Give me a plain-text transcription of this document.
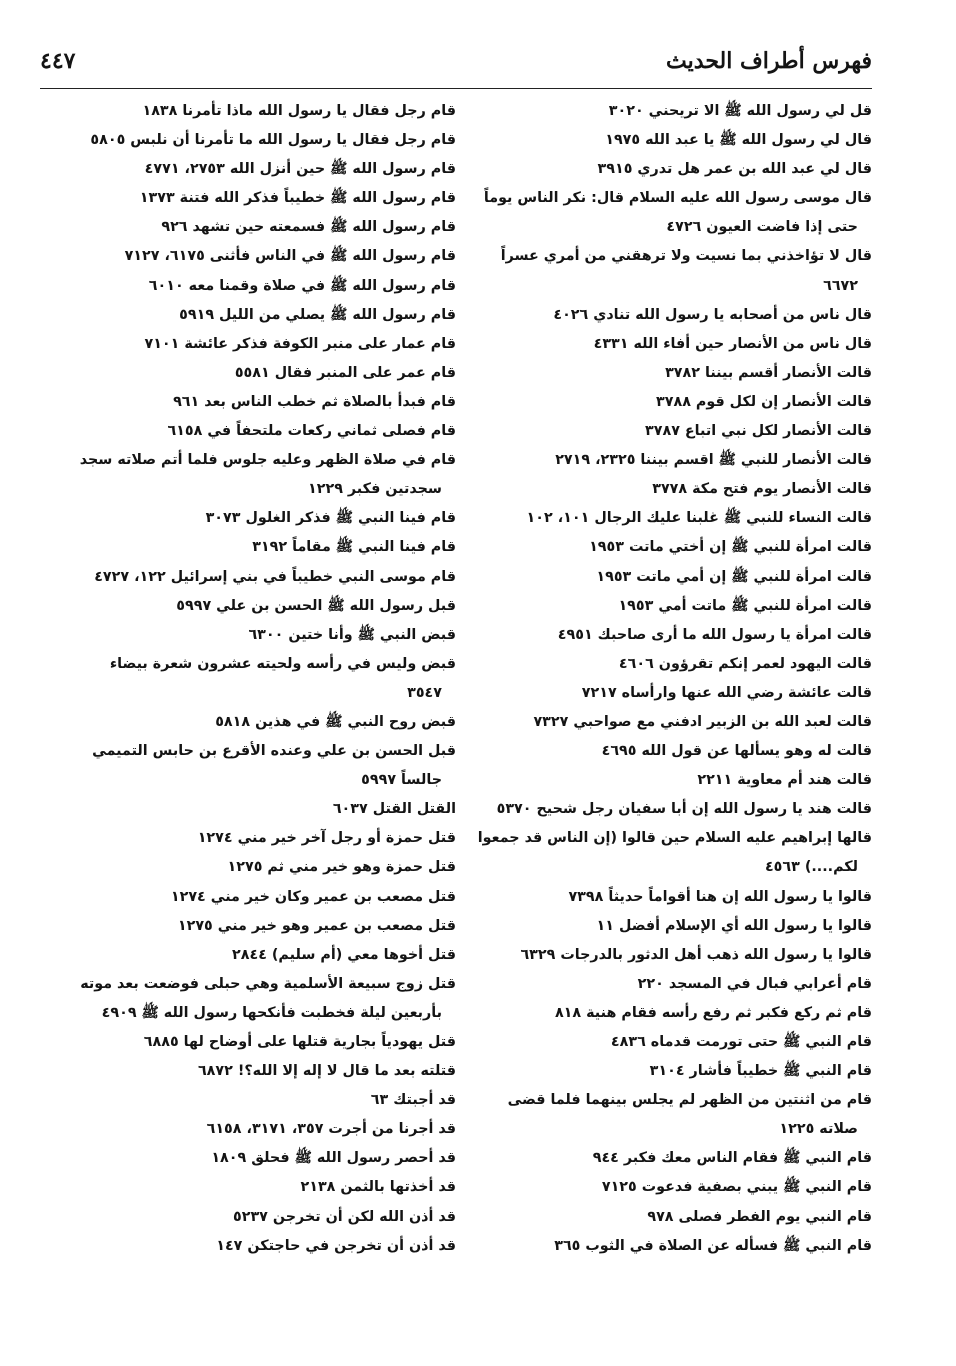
فهرس أطراف الحديث
٤٤٧

قل لي رسول الله ﷺ الا تريحني ٣٠٢٠

قال لي رسول الله ﷺ يا عبد الله ١٩٧٥

قال لي عبد الله بن عمر هل تدري ٣٩١٥

قال موسى رسول الله عليه السلام قال: نكر الناس يوماً
حتى إذا فاضت العيون ٤٧٢٦

قال لا تؤاخذني بما نسيت ولا ترهقني من أمري عسراً
٦٦٧٢

قال ناس من أصحابه يا رسول الله تنادي ٤٠٢٦

قال ناس من الأنصار حين أفاء الله ٤٣٣١

قالت الأنصار أقسم بيننا ٣٧٨٢

قالت الأنصار إن لكل قوم ٣٧٨٨

قالت الأنصار لكل نبي اتباع ٣٧٨٧

قالت الأنصار للنبي ﷺ اقسم بيننا ٢٣٢٥، ٢٧١٩

قالت الأنصار يوم فتح مكة ٣٧٧٨

قالت النساء للنبي ﷺ غلبنا عليك الرجال ١٠١، ١٠٢

قالت امرأة للنبي ﷺ إن أختي ماتت ١٩٥٣

قالت امرأة للنبي ﷺ إن أمي ماتت ١٩٥٣

قالت امرأة للنبي ﷺ ماتت أمي ١٩٥٣

قالت امرأة يا رسول الله ما أرى صاحبك ٤٩٥١

قالت اليهود لعمر إنكم تقرؤون ٤٦٠٦

قالت عائشة رضي الله عنها وارأساه ٧٢١٧

قالت لعبد الله بن الزبير ادفني مع صواحبي ٧٣٢٧

قالت له وهو يسألها عن قول الله ٤٦٩٥

قالت هند أم معاوية ٢٢١١

قالت هند يا رسول الله إن أبا سفيان رجل شحيح ٥٣٧٠

قالها إبراهيم عليه السلام حين قالوا (إن الناس قد جمعوا
لكم....) ٤٥٦٣

قالوا يا رسول الله إن هنا أقواماً حديثاً ٧٣٩٨

قالوا يا رسول الله أي الإسلام أفضل ١١

قالوا يا رسول الله ذهب أهل الدثور بالدرجات ٦٣٢٩

قام أعرابي فبال في المسجد ٢٢٠

قام ثم ركع فكبر ثم رفع رأسه فقام هنية ٨١٨

قام النبي ﷺ حتى تورمت قدماه ٤٨٣٦

قام النبي ﷺ خطيباً فأشار ٣١٠٤

قام من اثنتين من الظهر لم يجلس بينهما فلما قضى
صلاته ١٢٢٥

قام النبي ﷺ فقام الناس معك فكبر ٩٤٤

قام النبي ﷺ يبني بصفية فدعوت ٧١٢٥

قام النبي يوم الفطر فصلى ٩٧٨

قام النبي ﷺ فسأله عن الصلاة في الثوب ٣٦٥

قام رجل فقال يا رسول الله ماذا تأمرنا ١٨٣٨

قام رجل فقال يا رسول الله ما تأمرنا أن نلبس ٥٨٠٥

قام رسول الله ﷺ حين أنزل الله ٢٧٥٣، ٤٧٧١

قام رسول الله ﷺ خطيباً فذكر الله فتنة ١٣٧٣

قام رسول الله ﷺ فسمعته حين تشهد ٩٢٦

قام رسول الله ﷺ في الناس فأثنى ٦١٧٥، ٧١٢٧

قام رسول الله ﷺ في صلاة وقمنا معه ٦٠١٠

قام رسول الله ﷺ يصلي من الليل ٥٩١٩

قام عمار على منبر الكوفة فذكر عائشة ٧١٠١

قام عمر على المنبر فقال ٥٥٨١

قام فبدأ بالصلاة ثم خطب الناس بعد ٩٦١

قام فصلى ثماني ركعات ملتحفاً في ٦١٥٨

قام في صلاة الظهر وعليه جلوس فلما أتم صلاته سجد
سجدتين فكبر ١٢٢٩

قام فينا النبي ﷺ فذكر الغلول ٣٠٧٣

قام فينا النبي ﷺ مقاماً ٣١٩٢

قام موسى النبي خطيباً في بني إسرائيل ١٢٢، ٤٧٢٧

قبل رسول الله ﷺ الحسن بن علي ٥٩٩٧

قبض النبي ﷺ وأنا ختين ٦٣٠٠

قبض وليس في رأسه ولحيته عشرون شعرة بيضاء
٣٥٤٧

قبض روح النبي ﷺ في هذين ٥٨١٨

قبل الحسن بن علي وعنده الأقرع بن حابس التميمي
جالساً ٥٩٩٧

القتل القتل ٦٠٣٧

قتل حمزة أو رجل آخر خير مني ١٢٧٤

قتل حمزة وهو خير مني ثم ١٢٧٥

قتل مصعب بن عمير وكان خير مني ١٢٧٤

قتل مصعب بن عمير وهو خير مني ١٢٧٥

قتل أخوها معي (أم سليم) ٢٨٤٤

قتل زوج سبيعة الأسلمية وهي حبلى فوضعت بعد موته
بأربعين ليلة فخطبت فأنكحها رسول الله ﷺ ٤٩٠٩

قتل يهودياً بجارية قتلها على أوضاح لها ٦٨٨٥

قتلته بعد ما قال لا إله إلا الله؟! ٦٨٧٢

قد أجبتك ٦٣

قد أجرنا من أجرت ٣٥٧، ٣١٧١، ٦١٥٨

قد أحصر رسول الله ﷺ فحلق ١٨٠٩

قد أخذتها بالثمن ٢١٣٨

قد أذن الله لكن أن تخرجن ٥٢٣٧

قد أذن أن تخرجن في حاجتكن ١٤٧
